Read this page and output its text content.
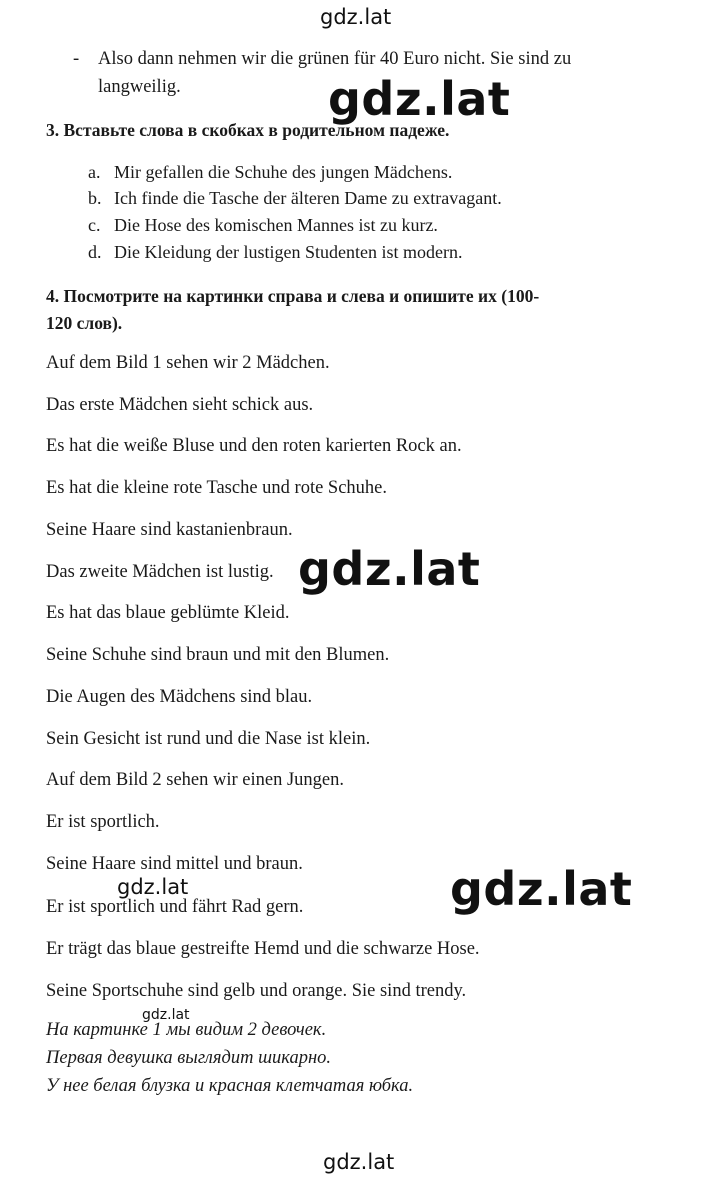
gdz.lat
- Also dann nehmen wir die grünen für 40 Euro nicht. Sie sind zu
langweilig.	gdz.lat
3. Вставьте слова в скобках в родительном падеже.
a. Mir gefallen die Schuhe des jungen Mädchens.
b. Ich finde die Tasche der älteren Dame zu extravagant.
c. Die Hose des komischen Mannes ist zu kurz.
d. Die Kleidung der lustigen Studenten ist modern.
4. Посмотрите на картинки справа и слева и опишите их (100-
120 слов).
Auf dem Bild 1 sehen wir 2 Mädchen.
Das erste Mädchen sieht schick aus.
Es hat die weiße Bluse und den roten karierten Rock an.
Es hat die kleine rote Tasche und rote Schuhe.
Seine Haare sind kastanienbraun.
Das zweite Mädchen ist lustig.
Es hat das blaue geblümte Kleid.
Seine Schuhe sind braun und mit den Blumen.
Die Augen des Mädchens sind blau.
Sein Gesicht ist rund und die Nase ist klein.
Auf dem Bild 2 sehen wir einen Jungen.
Er ist sportlich.
Seine Haare sind mittel und braun.
Er ist sportlich und fährt Rad gern.
Er trägt das blaue gestreifte Hemd und die schwarze Hose.
Seine Sportschuhe sind gelb und orange. Sie sind trendy.
gdz.lat
gdz.lat	gdz.lat
gdz.lat
На картинке 1 мы видим 2 девочек.
Первая девушка выглядит шикарно.
У нее белая блузка и красная клетчатая юбка.
gdz.lat
